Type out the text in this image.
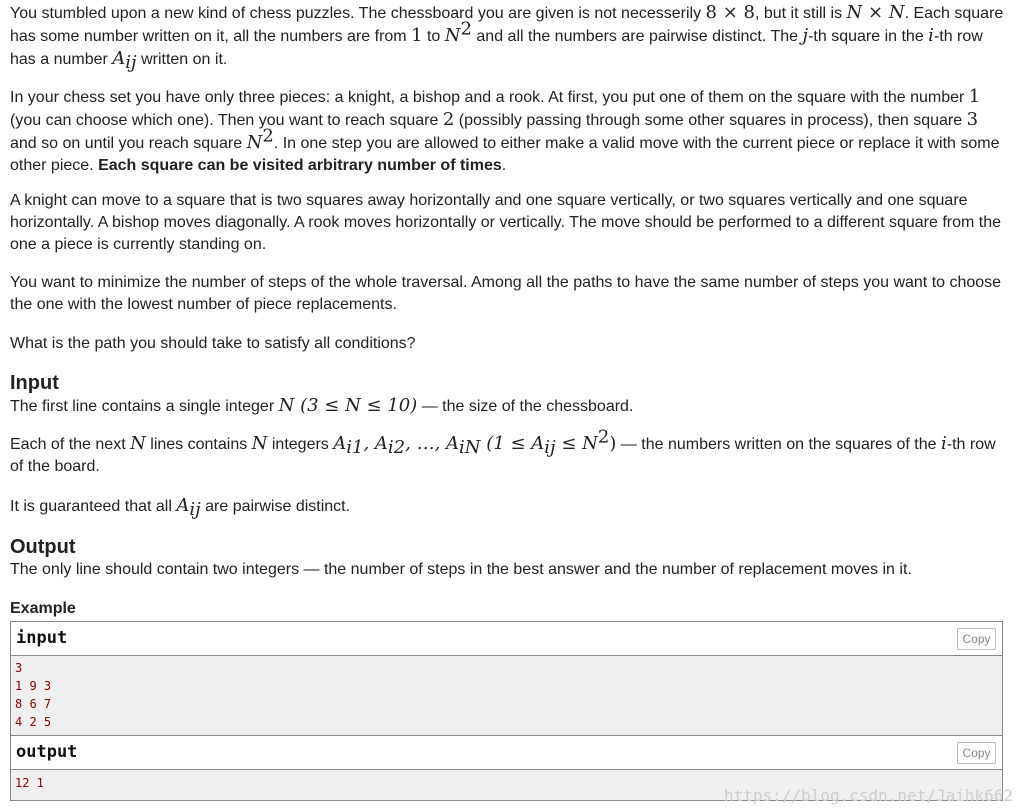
You stumbled upon a new kind of chess puzzles. The chessboard you are given is not necesserily 8 × 8, but it still is N × N. Each square has some number written on it, all the numbers are from 1 to $N^2$ and all the numbers are pairwise distinct. The j-th square in the i-th row has a number $A_{ij}$ written on it.

In your chess set you have only three pieces: a knight, a bishop and a rook. At first, you put one of them on the square with the number 1 (you can choose which one). Then you want to reach square 2 (possibly passing through some other squares in process), then square 3 and so on until you reach square $N^2$. In one step you are allowed to either make a valid move with the current piece or replace it with some other piece. Each square can be visited arbitrary number of times.

A knight can move to a square that is two squares away horizontally and one square vertically, or two squares vertically and one square horizontally. A bishop moves diagonally. A rook moves horizontally or vertically. The move should be performed to a different square from the one a piece is currently standing on.

You want to minimize the number of steps of the whole traversal. Among all the paths to have the same number of steps you want to choose the one with the lowest number of piece replacements.

What is the path you should take to satisfy all conditions?

Input

The first line contains a single integer N (3 ≤ N ≤ 10) — the size of the chessboard.

Each of the next N lines contains N integers $A_{i1}$, $A_{i2}$, …, $A_{iN}$ $(1 \le A_{ij} \le N^2)$ — the numbers written on the squares of the i-th row of the board.

It is guaranteed that all $A_{ij}$ are pairwise distinct.

Output

The only line should contain two integers — the number of steps in the best answer and the number of replacement moves in it.

Example
input	Copy
3
1 9 3
8 6 7
4 2 5
output	Copy
12 1
https://blog.csdn.net/Jaihk662
